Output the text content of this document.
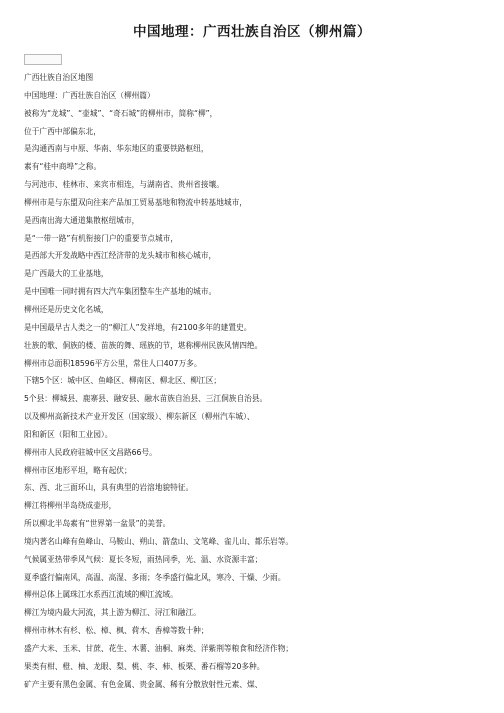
中国地理：广西壮族自治区（柳州篇）
广西壮族自治区地图
中国地理：广西壮族自治区（柳州篇）
被称为“龙城”、“壶城”、“奇石城”的柳州市，简称“柳”，
位于广西中部偏东北，
是沟通西南与中原、华南、华东地区的重要铁路枢纽，
素有“桂中商埠”之称。
与河池市、桂林市、来宾市相连，与湖南省、贵州省接壤。
柳州市是与东盟双向往来产品加工贸易基地和物流中转基地城市，
是西南出海大通道集散枢纽城市，
是“一带一路”有机衔接门户的重要节点城市，
是西部大开发战略中西江经济带的龙头城市和核心城市，
是广西最大的工业基地，
是中国唯一同时拥有四大汽车集团整车生产基地的城市。
柳州还是历史文化名城，
是中国最早古人类之一的“柳江人”发祥地，有2100多年的建置史。
壮族的歌、侗族的楼、苗族的舞、瑶族的节，堪称柳州民族风情四绝。
柳州市总面积18596平方公里，常住人口407万多。
下辖5个区：城中区、鱼峰区、柳南区、柳北区、柳江区；
5个县：柳城县、鹿寨县、融安县、融水苗族自治县、三江侗族自治县。
以及柳州高新技术产业开发区（国家级）、柳东新区（柳州汽车城）、
阳和新区（阳和工业园）。
柳州市人民政府驻城中区文昌路66号。
柳州市区地形平坦，略有起伏；
东、西、北三面环山，具有典型的岩溶地貌特征。
柳江将柳州半岛绕成壶形，
所以柳北半岛素有“世界第一盆景”的美誉。
境内著名山峰有鱼峰山、马鞍山、朔山、箭盘山、文笔峰、雀儿山、都乐岩等。
气候属亚热带季风气候：夏长冬短，雨热同季，光、温、水资源丰富；
夏季盛行偏南风，高温、高湿、多雨；冬季盛行偏北风，寒冷、干燥、少雨。
柳州总体上属珠江水系西江流域的柳江流域。
柳江为境内最大河流，其上游为柳江、浔江和融江。
柳州市林木有杉、松、樟、枫、荷木、香樟等数十种；
盛产大米、玉米、甘蔗、花生、木薯、油桐、麻类、洋紫荆等粮食和经济作物；
果类有柑、橙、柚、龙眼、梨、桃、李、柿、板栗、番石榴等20多种。
矿产主要有黑色金属、有色金属、贵金属、稀有分散放射性元素、煤、
